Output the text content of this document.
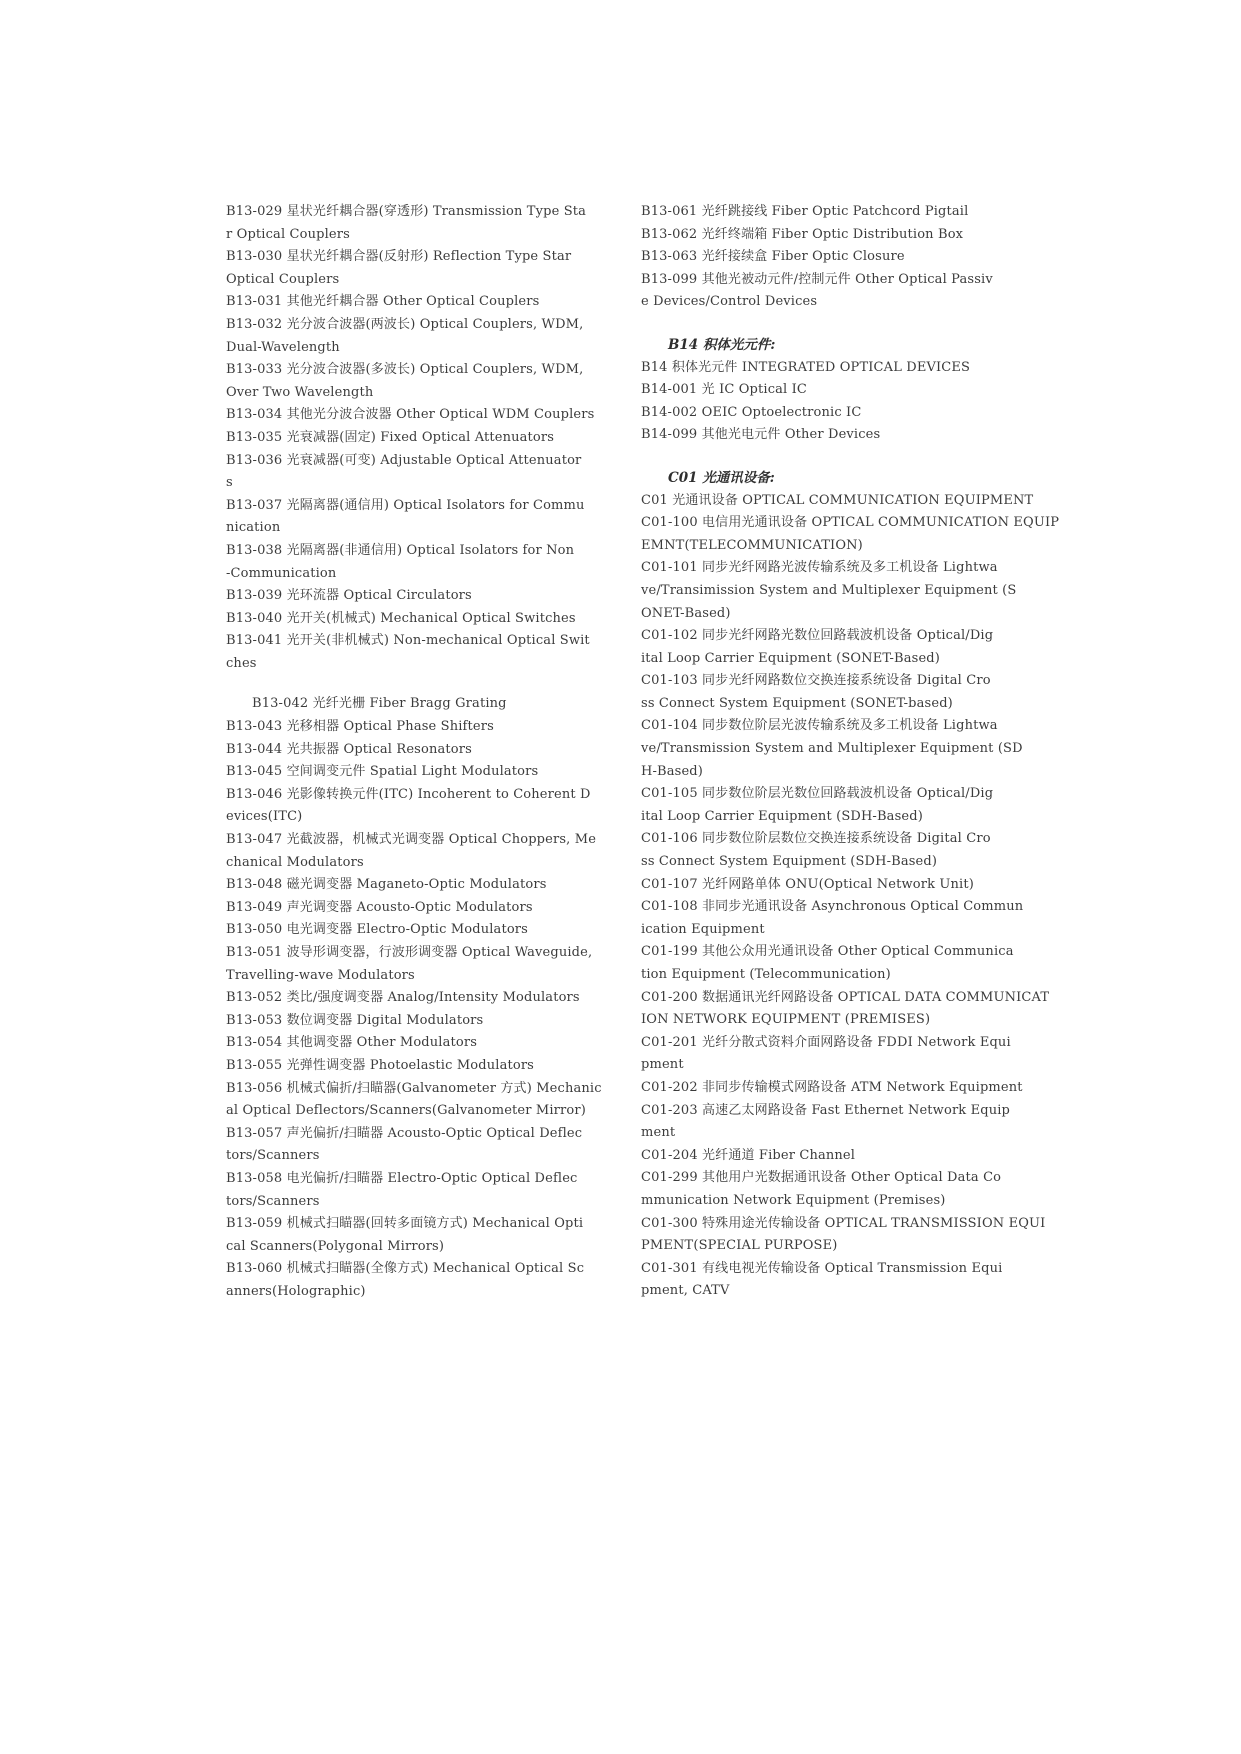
B13-029 星状光纤耦合器(穿透形) Transmission Type Sta
r Optical Couplers
B13-030 星状光纤耦合器(反射形) Reflection Type Star
Optical Couplers
B13-031 其他光纤耦合器 Other Optical Couplers
B13-032 光分波合波器(两波长) Optical Couplers, WDM,
Dual-Wavelength
B13-033 光分波合波器(多波长) Optical Couplers, WDM,
Over Two Wavelength
B13-034 其他光分波合波器 Other Optical WDM Couplers
B13-035 光衰减器(固定) Fixed Optical Attenuators
B13-036 光衰减器(可变) Adjustable Optical Attenuator
s
B13-037 光隔离器(通信用) Optical Isolators for Commu
nication
B13-038 光隔离器(非通信用) Optical Isolators for Non
-Communication
B13-039 光环流器 Optical Circulators
B13-040 光开关(机械式) Mechanical Optical Switches
B13-041 光开关(非机械式) Non-mechanical Optical Swit
ches
B13-042 光纤光栅 Fiber Bragg Grating
B13-043 光移相器 Optical Phase Shifters
B13-044 光共振器 Optical Resonators
B13-045 空间调变元件 Spatial Light Modulators
B13-046 光影像转换元件(ITC) Incoherent to Coherent D
evices(ITC)
B13-047 光截波器，机械式光调变器 Optical Choppers, Me
chanical Modulators
B13-048 磁光调变器 Maganeto-Optic Modulators
B13-049 声光调变器 Acousto-Optic Modulators
B13-050 电光调变器 Electro-Optic Modulators
B13-051 波导形调变器，行波形调变器 Optical Waveguide,
Travelling-wave Modulators
B13-052 类比/强度调变器 Analog/Intensity Modulators
B13-053 数位调变器 Digital Modulators
B13-054 其他调变器 Other Modulators
B13-055 光弹性调变器 Photoelastic Modulators
B13-056 机械式偏折/扫瞄器(Galvanometer 方式) Mechanic
al Optical Deflectors/Scanners(Galvanometer Mirror)
B13-057 声光偏折/扫瞄器 Acousto-Optic Optical Deflec
tors/Scanners
B13-058 电光偏折/扫瞄器 Electro-Optic Optical Deflec
tors/Scanners
B13-059 机械式扫瞄器(回转多面镜方式) Mechanical Opti
cal Scanners(Polygonal Mirrors)
B13-060 机械式扫瞄器(全像方式) Mechanical Optical Sc
anners(Holographic)
B13-061 光纤跳接线 Fiber Optic Patchcord Pigtail
B13-062 光纤终端箱 Fiber Optic Distribution Box
B13-063 光纤接续盒 Fiber Optic Closure
B13-099 其他光被动元件/控制元件 Other Optical Passiv
e Devices/Control Devices
B14 积体光元件:
B14 积体光元件 INTEGRATED OPTICAL DEVICES
B14-001 光 IC Optical IC
B14-002 OEIC Optoelectronic IC
B14-099 其他光电元件 Other Devices
C01 光通讯设备:
C01 光通讯设备 OPTICAL COMMUNICATION EQUIPMENT
C01-100 电信用光通讯设备 OPTICAL COMMUNICATION EQUIP
EMNT(TELECOMMUNICATION)
C01-101 同步光纤网路光波传输系统及多工机设备 Lightwa
ve/Transimission System and Multiplexer Equipment (S
ONET-Based)
C01-102 同步光纤网路光数位回路载波机设备 Optical/Dig
ital Loop Carrier Equipment (SONET-Based)
C01-103 同步光纤网路数位交换连接系统设备 Digital Cro
ss Connect System Equipment (SONET-based)
C01-104 同步数位阶层光波传输系统及多工机设备 Lightwa
ve/Transmission System and Multiplexer Equipment (SD
H-Based)
C01-105 同步数位阶层光数位回路载波机设备 Optical/Dig
ital Loop Carrier Equipment (SDH-Based)
C01-106 同步数位阶层数位交换连接系统设备 Digital Cro
ss Connect System Equipment (SDH-Based)
C01-107 光纤网路单体 ONU(Optical Network Unit)
C01-108 非同步光通讯设备 Asynchronous Optical Commun
ication Equipment
C01-199 其他公众用光通讯设备 Other Optical Communica
tion Equipment (Telecommunication)
C01-200 数据通讯光纤网路设备 OPTICAL DATA COMMUNICAT
ION NETWORK EQUIPMENT (PREMISES)
C01-201 光纤分散式资料介面网路设备 FDDI Network Equi
pment
C01-202 非同步传输模式网路设备 ATM Network Equipment
C01-203 高速乙太网路设备 Fast Ethernet Network Equip
ment
C01-204 光纤通道 Fiber Channel
C01-299 其他用户光数据通讯设备 Other Optical Data Co
mmunication Network Equipment (Premises)
C01-300 特殊用途光传输设备 OPTICAL TRANSMISSION EQUI
PMENT(SPECIAL PURPOSE)
C01-301 有线电视光传输设备 Optical Transmission Equi
pment, CATV
